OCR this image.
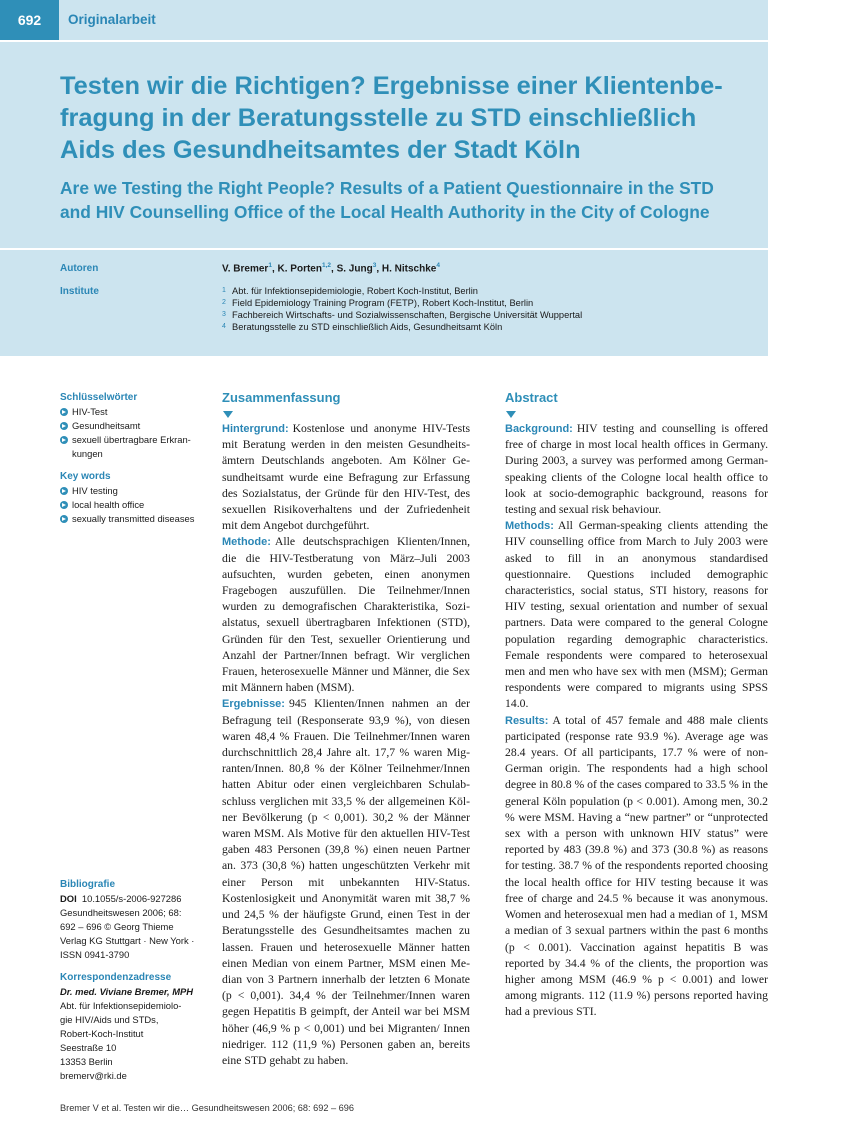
692	Originalarbeit
Testen wir die Richtigen? Ergebnisse einer Klientenbe-
fragung in der Beratungsstelle zu STD einschließlich
Aids des Gesundheitsamtes der Stadt Köln
Are we Testing the Right People? Results of a Patient Questionnaire in the STD
and HIV Counselling Office of the Local Health Authority in the City of Cologne
Autoren	V. Bremer$^1$, K. Porten$^{1,2}$, S. Jung$^3$, H. Nitschke$^4$
Institute	1 Abt. für Infektionsepidemiologie, Robert Koch-Institut, Berlin
2 Field Epidemiology Training Program (FETP), Robert Koch-Institut, Berlin
3 Fachbereich Wirtschafts- und Sozialwissenschaften, Bergische Universität Wuppertal
4 Beratungsstelle zu STD einschließlich Aids, Gesundheitsamt Köln
Schlüsselwörter
HIV-Test
Gesundheitsamt
sexuell übertragbare Erkran-kungen
Key words
HIV testing
local health office
sexually transmitted diseases
Bibliografie
DOI 10.1055/s-2006-927286
Gesundheitswesen 2006; 68:
692 – 696 © Georg Thieme
Verlag KG Stuttgart · New York ·
ISSN 0941-3790
Korrespondenzadresse
Dr. med. Viviane Bremer, MPH
Abt. für Infektionsepidemiolo-
gie HIV/Aids und STDs,
Robert-Koch-Institut
Seestraße 10
13353 Berlin
bremerv@rki.de
Zusammenfassung

Hintergrund: Kostenlose und anonyme HIV-Tests mit Beratung werden in den meisten Gesundheitsämtern Deutschlands angeboten. Am Kölner Gesundheitsamt wurde eine Befragung zur Erfassung des Sozialstatus, der Gründe für den HIV-Test, des sexuellen Risikoverhaltens und der Zufriedenheit mit dem Angebot durchgeführt.

Methode: Alle deutschsprachigen Klienten/Innen, die die HIV-Testberatung von März–Juli 2003 aufsuchten, wurden gebeten, einen anonymen Fragebogen auszufüllen. Die Teilnehmer/Innen wurden zu demografischen Charakteristika, Sozialstatus, sexuell übertragbaren Infektionen (STD), Gründen für den Test, sexueller Orientierung und Anzahl der Partner/Innen befragt. Wir verglichen Frauen, heterosexuelle Männer und Männer, die Sex mit Männern haben (MSM).

Ergebnisse: 945 Klienten/Innen nahmen an der Befragung teil (Responserate 93,9 %), von diesen waren 48,4 % Frauen. Die Teilnehmer/Innen waren durchschnittlich 28,4 Jahre alt. 17,7 % waren Migranten/Innen. 80,8 % der Kölner Teilnehmer/Innen hatten Abitur oder einen vergleichbaren Schulabschluss verglichen mit 33,5 % der allgemeinen Kölner Bevölkerung (p < 0,001). 30,2 % der Männer waren MSM. Als Motive für den aktuellen HIV-Test gaben 483 Personen (39,8 %) einen neuen Partner an. 373 (30,8 %) hatten ungeschützten Verkehr mit einer Person mit unbekannten HIV-Status. Kostenlosigkeit und Anonymität waren mit 38,7 % und 24,5 % der häufigste Grund, einen Test in der Beratungsstelle des Gesundheitsamtes machen zu lassen. Frauen und heterosexuelle Männer hatten einen Median von einem Partner, MSM einen Median von 3 Partnern innerhalb der letzten 6 Monate (p < 0,001). 34,4 % der Teilnehmer/Innen waren gegen Hepatitis B geimpft, der Anteil war bei MSM höher (46,9 % p < 0,001) und bei Migranten/ Innen niedriger. 112 (11,9 %) Personen gaben an, bereits eine STD gehabt zu haben.

Abstract

Background: HIV testing and counselling is offered free of charge in most local health offices in Germany. During 2003, a survey was performed among German-speaking clients of the Cologne local health office to look at socio-demographic background, reasons for testing and sexual risk behaviour.

Methods: All German-speaking clients attending the HIV counselling office from March to July 2003 were asked to fill in an anonymous standardised questionnaire. Questions included demographic characteristics, social status, STI history, reasons for HIV testing, sexual orientation and number of sexual partners. Data were compared to the general Cologne population regarding demographic characteristics. Female respondents were compared to heterosexual men and men who have sex with men (MSM); German respondents were compared to migrants using SPSS 14.0.

Results: A total of 457 female and 488 male clients participated (response rate 93.9 %). Average age was 28.4 years. Of all participants, 17.7 % were of non-German origin. The respondents had a high school degree in 80.8 % of the cases compared to 33.5 % in the general Köln population (p < 0.001). Among men, 30.2 % were MSM. Having a “new partner” or “unprotected sex with a person with unknown HIV status” were reported by 483 (39.8 %) and 373 (30.8 %) as reasons for testing. 38.7 % of the respondents reported choosing the local health office for HIV testing because it was free of charge and 24.5 % because it was anonymous. Women and heterosexual men had a median of 1, MSM a median of 3 sexual partners within the past 6 months (p < 0.001). Vaccination against hepatitis B was reported by 34.4 % of the clients, the proportion was higher among MSM (46.9 % p < 0.001) and lower among migrants. 112 (11.9 %) persons reported having had a previous STI.

Bremer V et al. Testen wir die… Gesundheitswesen 2006; 68: 692 – 696
